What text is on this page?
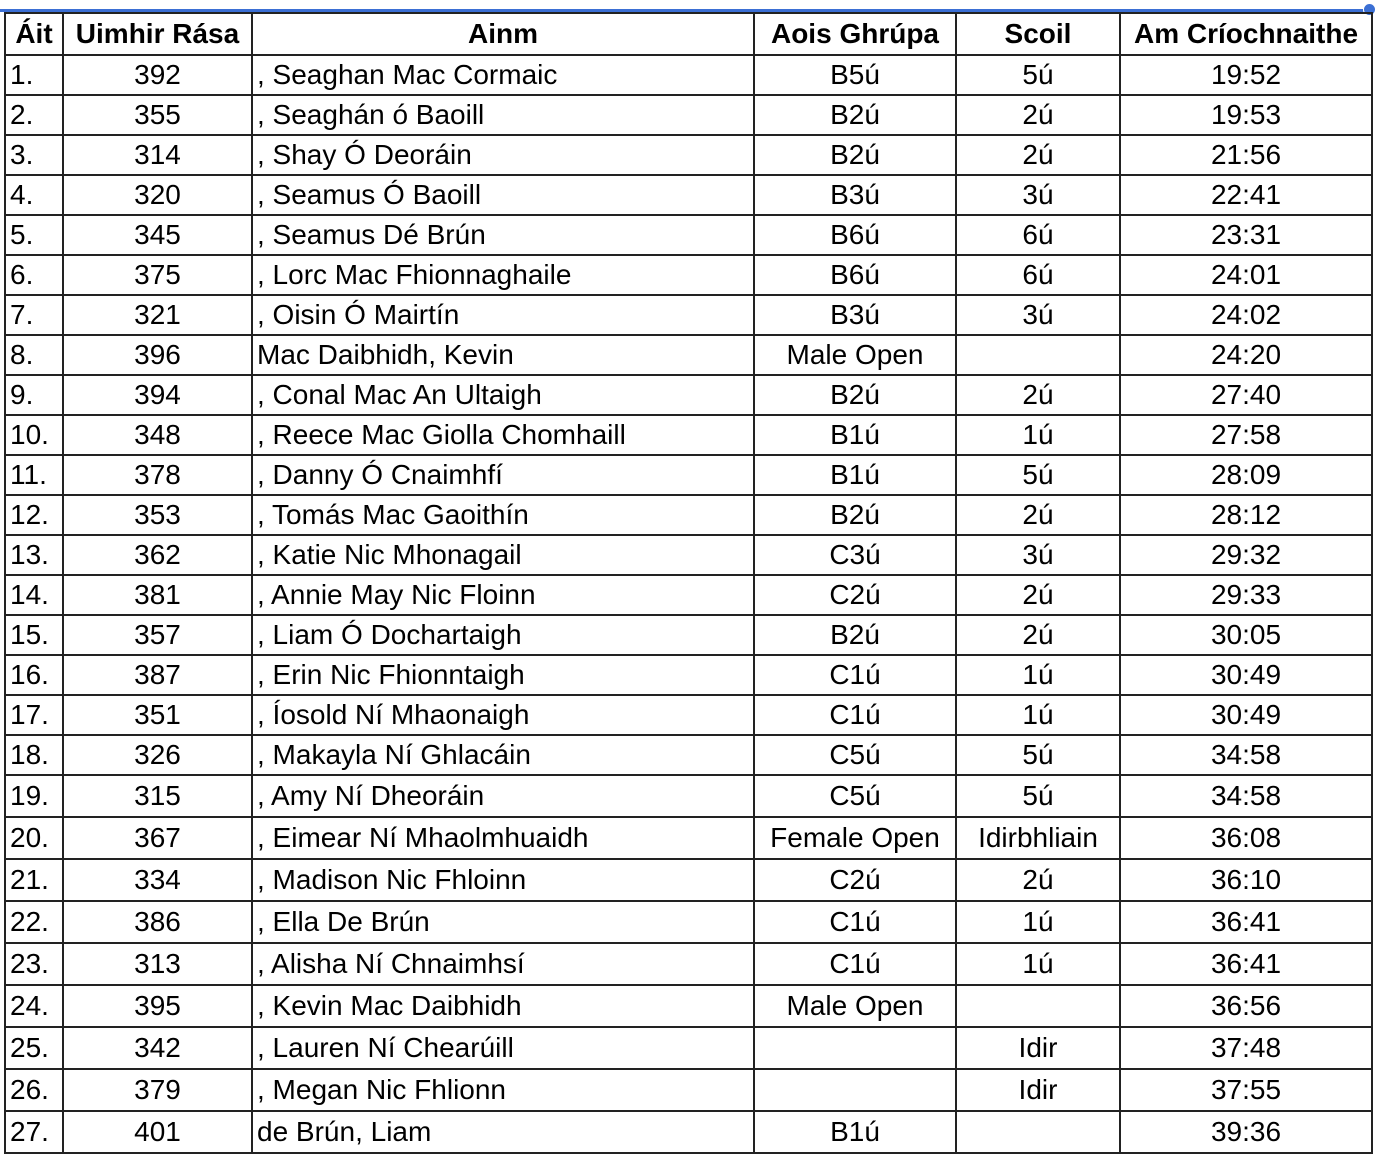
Áit	Uimhir Rása	Ainm	Aois Ghrúpa	Scoil	Am Críochnaithe
1.	392	, Seaghan Mac Cormaic	B5ú	5ú	19:52
2.	355	, Seaghán ó Baoill	B2ú	2ú	19:53
3.	314	, Shay Ó Deoráin	B2ú	2ú	21:56
4.	320	, Seamus Ó Baoill	B3ú	3ú	22:41
5.	345	, Seamus Dé Brún	B6ú	6ú	23:31
6.	375	, Lorc Mac Fhionnaghaile	B6ú	6ú	24:01
7.	321	, Oisin Ó Mairtín	B3ú	3ú	24:02
8.	396	Mac Daibhidh, Kevin	Male Open		24:20
9.	394	, Conal Mac An Ultaigh	B2ú	2ú	27:40
10.	348	, Reece Mac Giolla Chomhaill	B1ú	1ú	27:58
11.	378	, Danny Ó Cnaimhfí	B1ú	5ú	28:09
12.	353	, Tomás Mac Gaoithín	B2ú	2ú	28:12
13.	362	, Katie Nic Mhonagail	C3ú	3ú	29:32
14.	381	, Annie May Nic Floinn	C2ú	2ú	29:33
15.	357	, Liam Ó Dochartaigh	B2ú	2ú	30:05
16.	387	, Erin Nic Fhionntaigh	C1ú	1ú	30:49
17.	351	, Íosold Ní Mhaonaigh	C1ú	1ú	30:49
18.	326	, Makayla Ní Ghlacáin	C5ú	5ú	34:58
19.	315	, Amy Ní Dheoráin	C5ú	5ú	34:58
20.	367	, Eimear Ní Mhaolmhuaidh	Female Open	Idirbhliain	36:08
21.	334	, Madison Nic Fhloinn	C2ú	2ú	36:10
22.	386	, Ella De Brún	C1ú	1ú	36:41
23.	313	, Alisha Ní Chnaimhsí	C1ú	1ú	36:41
24.	395	, Kevin Mac Daibhidh	Male Open		36:56
25.	342	, Lauren Ní Chearúill		Idir	37:48
26.	379	, Megan Nic Fhlionn		Idir	37:55
27.	401	de Brún, Liam	B1ú		39:36
